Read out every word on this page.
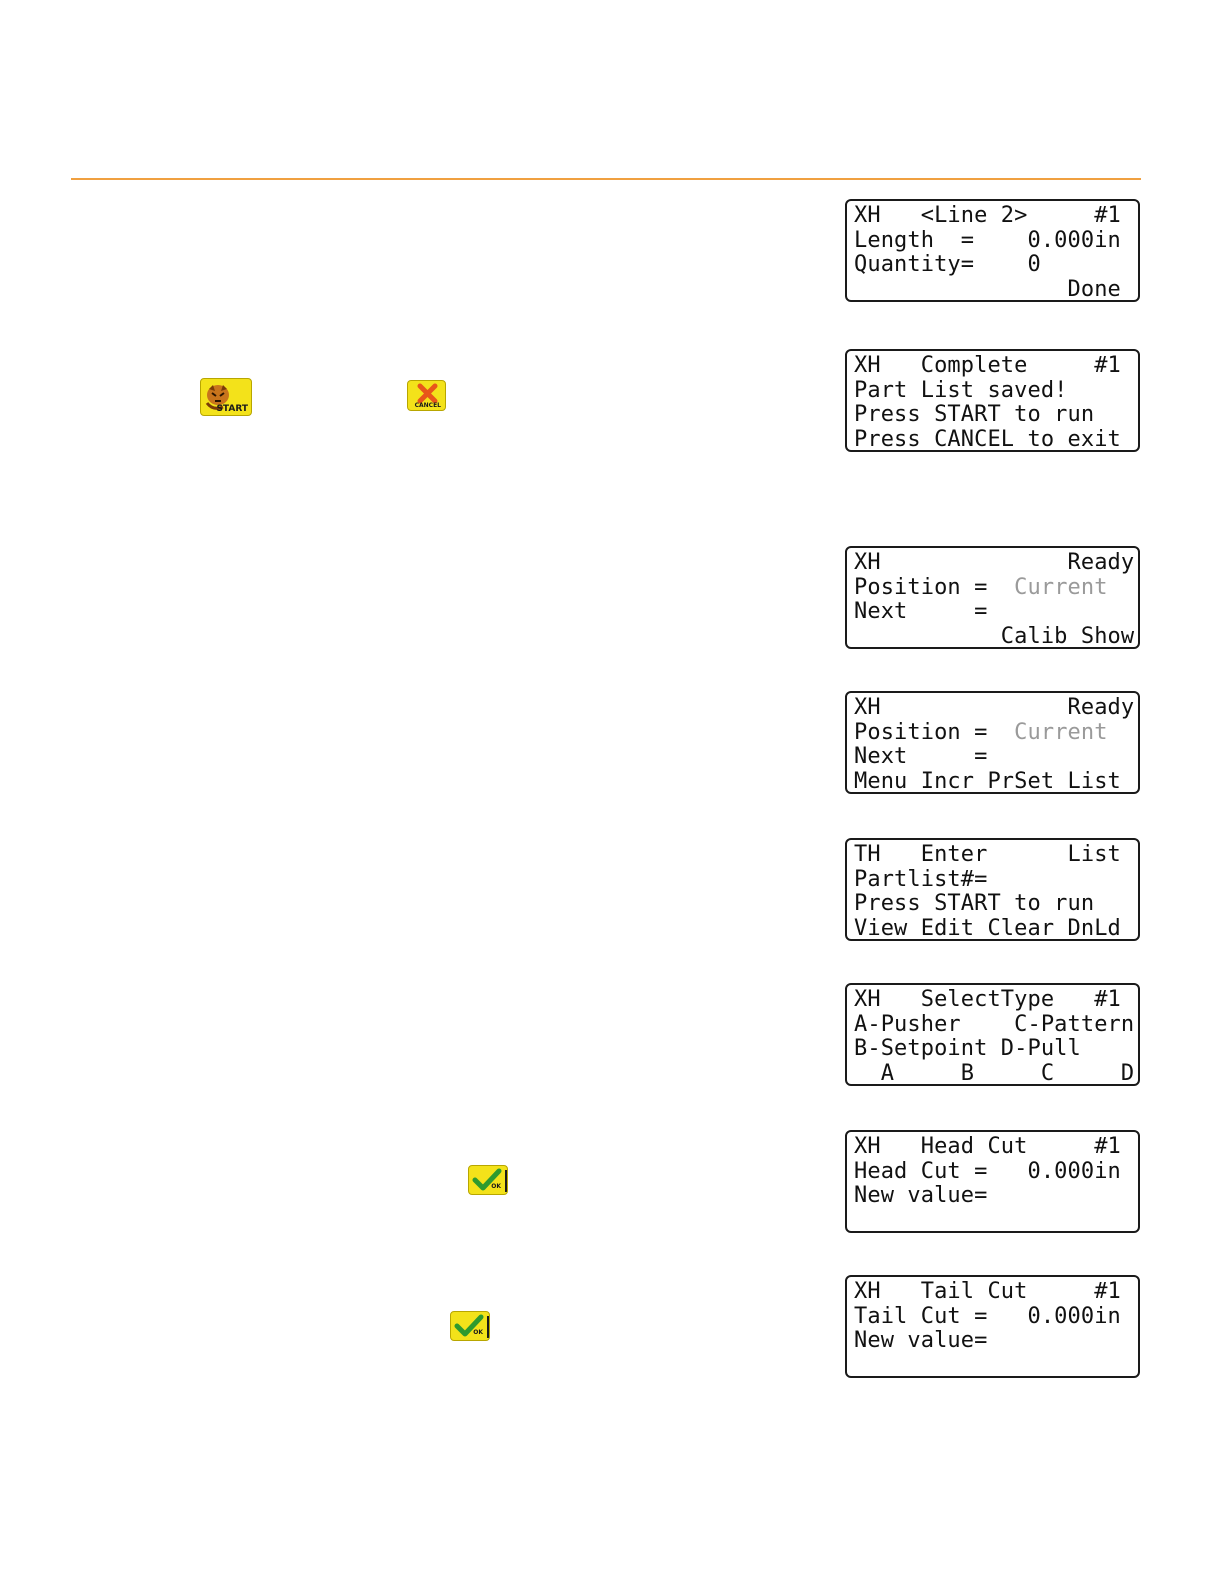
START	CANCEL
OK
OK
XH   <Line 2>     #1
Length  =    0.000in
Quantity=    0
Done
XH   Complete     #1
Part List saved!
Press START to run
Press CANCEL to exit
XH              Ready
Position =  Current
Next     =
Calib Show
XH              Ready
Position =  Current
Next     =
Menu Incr PrSet List
TH   Enter      List
Partlist#=
Press START to run
View Edit Clear DnLd
XH   SelectType   #1
A-Pusher    C-Pattern
B-Setpoint D-Pull
A     B     C     D
XH   Head Cut     #1
Head Cut =   0.000in
New value=
XH   Tail Cut     #1
Tail Cut =   0.000in
New value=
